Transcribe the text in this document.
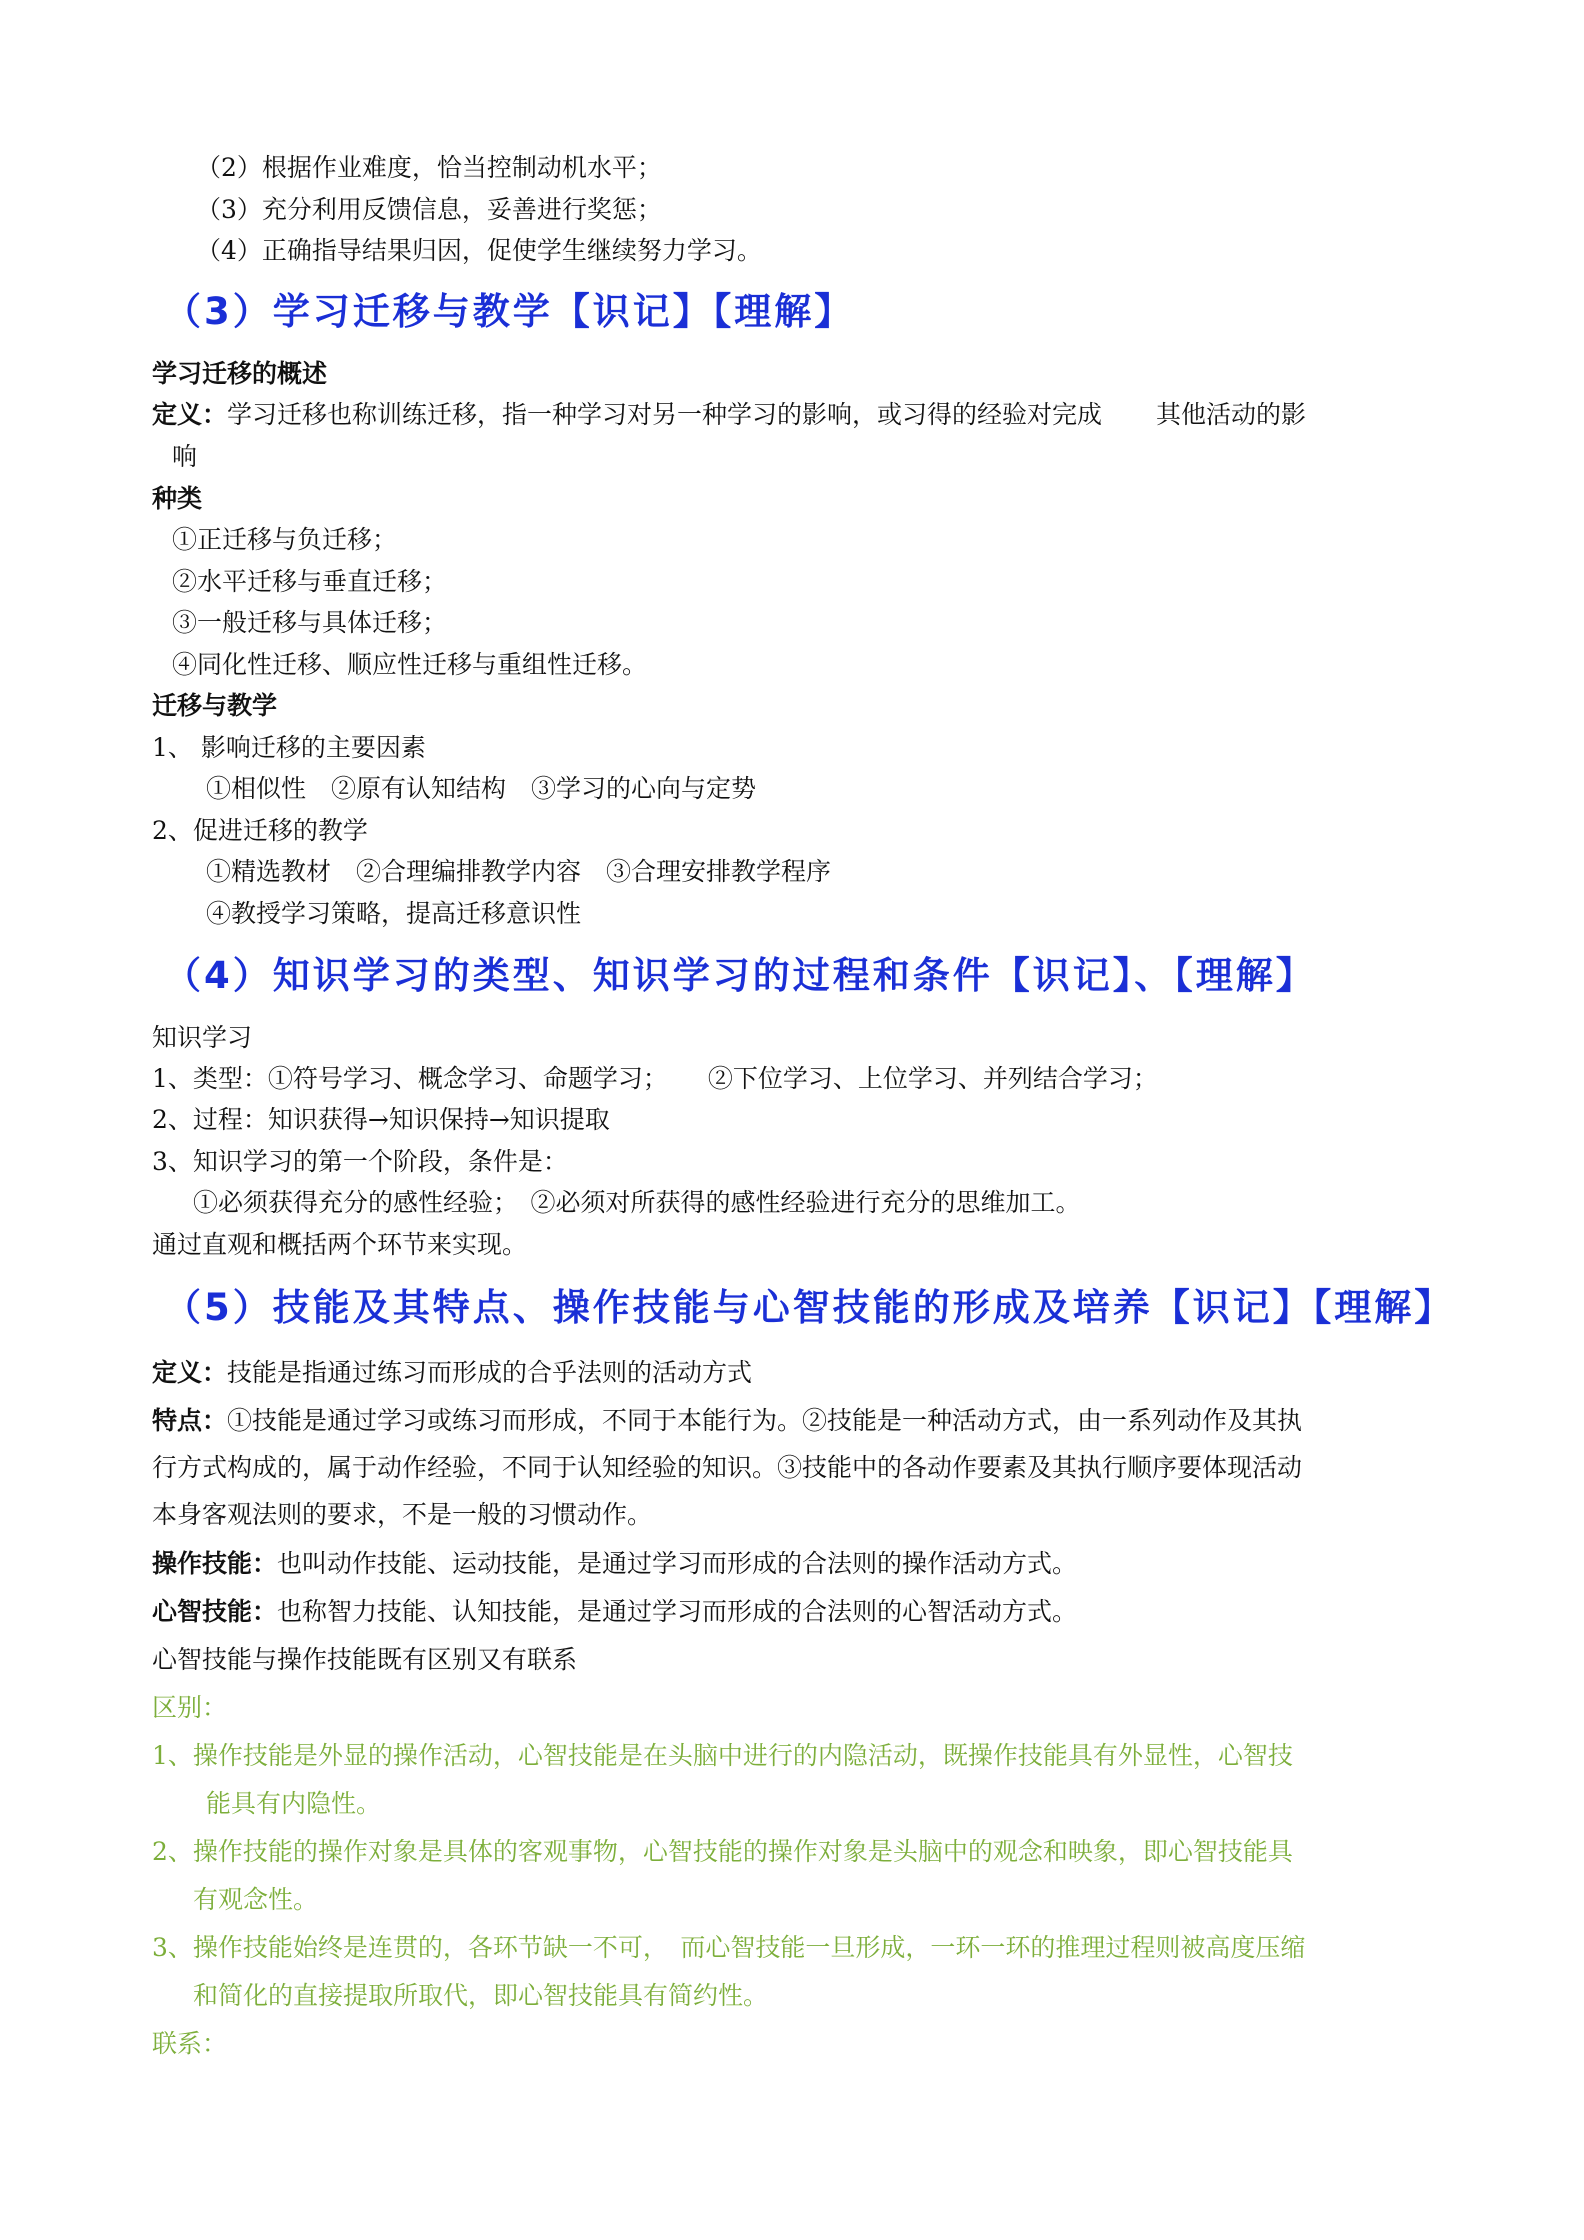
（2）根据作业难度，恰当控制动机水平；
（3）充分利用反馈信息，妥善进行奖惩；
（4）正确指导结果归因，促使学生继续努力学习。
（3）学习迁移与教学【识记】【理解】
学习迁移的概述
定义：学习迁移也称训练迁移，指一种学习对另一种学习的影响，或习得的经验对完成 其他活动的影
响
种类
①正迁移与负迁移；
②水平迁移与垂直迁移；
③一般迁移与具体迁移；
④同化性迁移、顺应性迁移与重组性迁移。
迁移与教学
1、 影响迁移的主要因素
①相似性　②原有认知结构　③学习的心向与定势
2、促进迁移的教学
①精选教材　②合理编排教学内容　③合理安排教学程序
④教授学习策略，提高迁移意识性
（4）知识学习的类型、知识学习的过程和条件【识记】、【理解】
知识学习
1、类型：①符号学习、概念学习、命题学习； ②下位学习、上位学习、并列结合学习；
2、过程：知识获得→知识保持→知识提取
3、知识学习的第一个阶段，条件是：
①必须获得充分的感性经验；　②必须对所获得的感性经验进行充分的思维加工。
通过直观和概括两个环节来实现。
（5）技能及其特点、操作技能与心智技能的形成及培养【识记】【理解】
定义：技能是指通过练习而形成的合乎法则的活动方式
特点：①技能是通过学习或练习而形成，不同于本能行为。②技能是一种活动方式，由一系列动作及其执
行方式构成的，属于动作经验，不同于认知经验的知识。③技能中的各动作要素及其执行顺序要体现活动
本身客观法则的要求，不是一般的习惯动作。
操作技能：也叫动作技能、运动技能，是通过学习而形成的合法则的操作活动方式。
心智技能：也称智力技能、认知技能，是通过学习而形成的合法则的心智活动方式。
心智技能与操作技能既有区别又有联系
区别：
1、操作技能是外显的操作活动，心智技能是在头脑中进行的内隐活动，既操作技能具有外显性，心智技
能具有内隐性。
2、操作技能的操作对象是具体的客观事物，心智技能的操作对象是头脑中的观念和映象，即心智技能具
有观念性。
3、操作技能始终是连贯的，各环节缺一不可，　而心智技能一旦形成，一环一环的推理过程则被高度压缩
和简化的直接提取所取代，即心智技能具有简约性。
联系：
